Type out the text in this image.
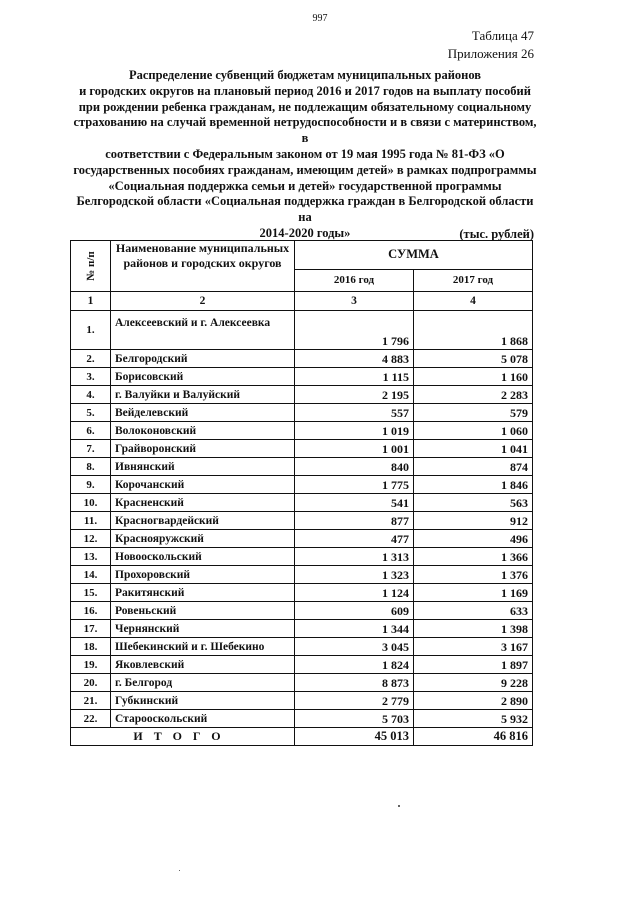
997
Таблица 47
Приложения 26
Распределение субвенций бюджетам муниципальных районов
и городских округов на плановый период 2016 и 2017 годов на выплату пособий
при рождении ребенка гражданам, не подлежащим обязательному социальному
страхованию на случай временной нетрудоспособности и в связи с материнством, в
соответствии с Федеральным законом от 19 мая 1995 года № 81-ФЗ «О
государственных пособиях гражданам, имеющим детей» в рамках подпрограммы
«Социальная поддержка семьи и детей» государственной программы
Белгородской области «Социальная поддержка граждан в Белгородской области на
2014-2020 годы»	(тыс. рублей)
№ п/п	Наименование муниципальных
районов и городских округов	СУММА	
		2016 год	2017 год
1	2	3	4
1.	Алексеевский и г. Алексеевка	1 796	1 868
2.	Белгородский	4 883	5 078
3.	Борисовский	1 115	1 160
4.	г. Валуйки и Валуйский	2 195	2 283
5.	Вейделевский	557	579
6.	Волоконовский	1 019	1 060
7.	Грайворонский	1 001	1 041
8.	Ивнянский	840	874
9.	Корочанский	1 775	1 846
10.	Красненский	541	563
11.	Красногвардейский	877	912
12.	Краснояружский	477	496
13.	Новооскольский	1 313	1 366
14.	Прохоровский	1 323	1 376
15.	Ракитянский	1 124	1 169
16.	Ровеньский	609	633
17.	Чернянский	1 344	1 398
18.	Шебекинский и г. Шебекино	3 045	3 167
19.	Яковлевский	1 824	1 897
20.	г. Белгород	8 873	9 228
21.	Губкинский	2 779	2 890
22.	Старооскольский	5 703	5 932
ИТОГО		45 013	46 816
